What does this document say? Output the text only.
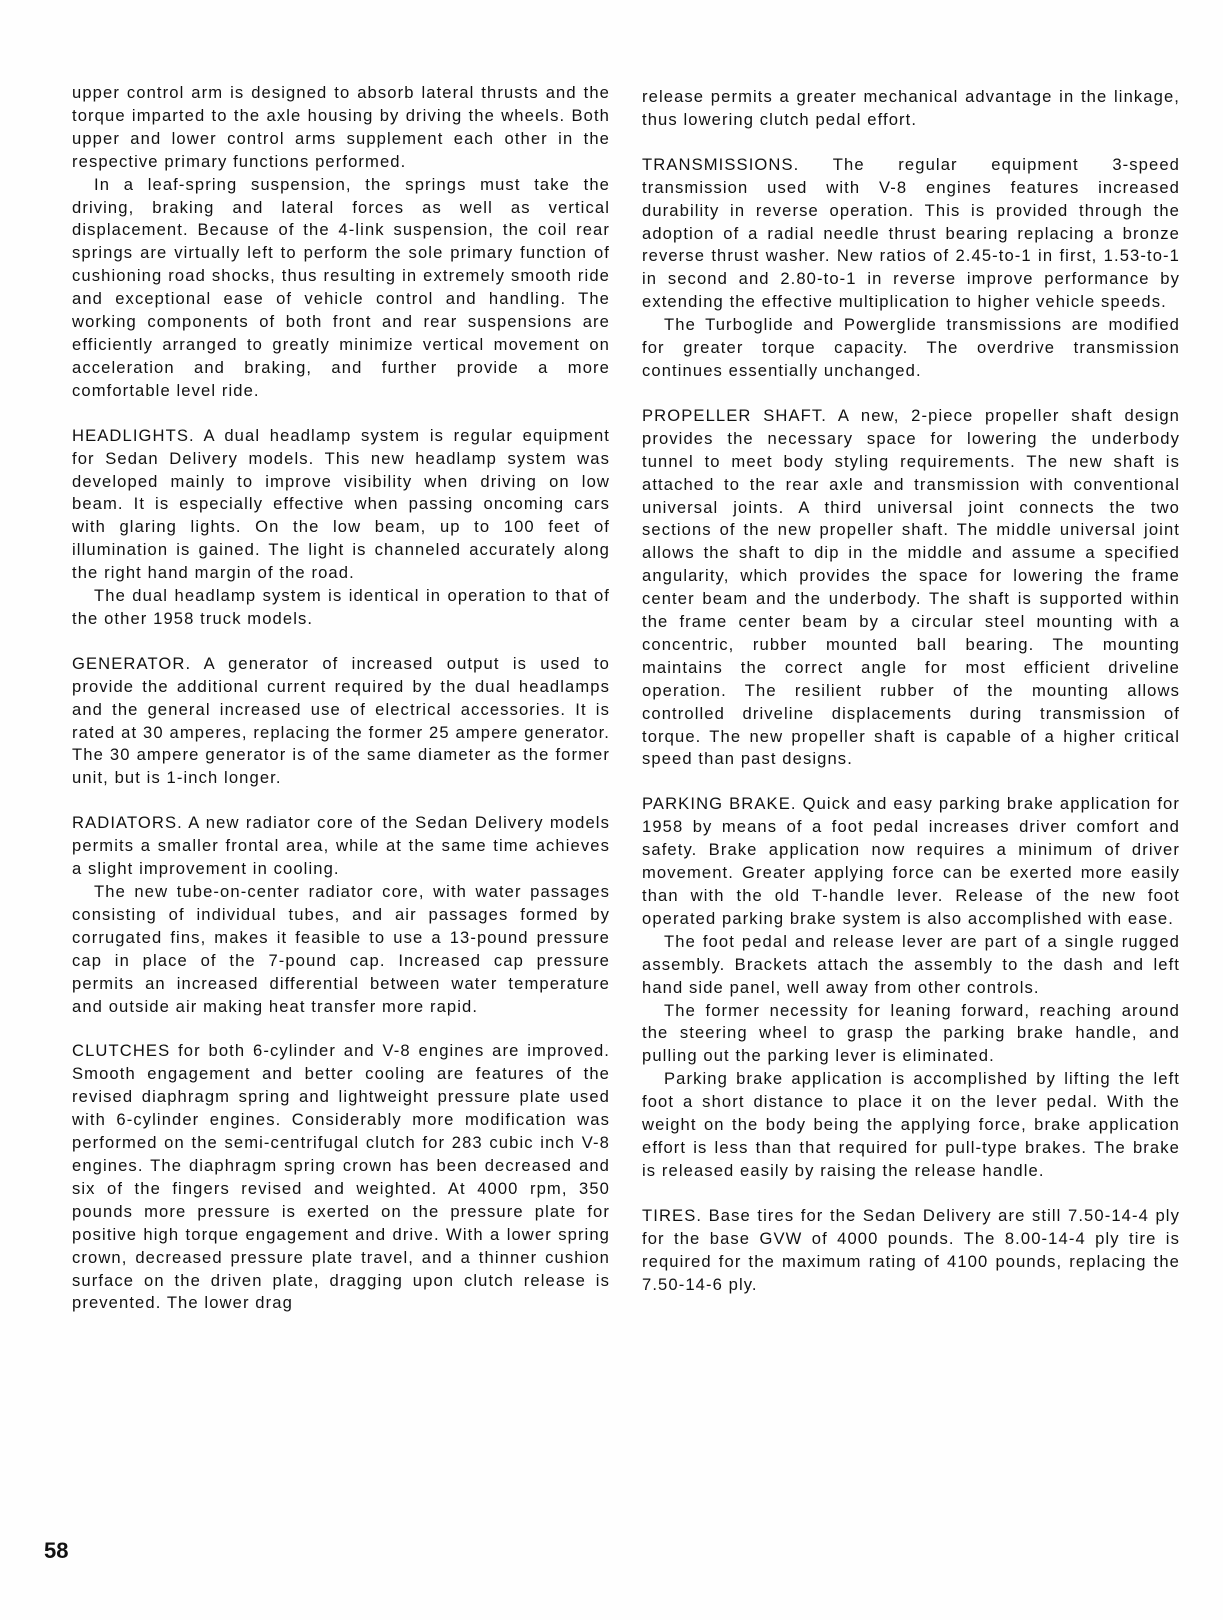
upper control arm is designed to absorb lateral thrusts and the torque imparted to the axle housing by driving the wheels. Both upper and lower control arms supplement each other in the respective primary functions performed.

In a leaf-spring suspension, the springs must take the driving, braking and lateral forces as well as vertical displacement. Because of the 4-link suspension, the coil rear springs are virtually left to perform the sole primary function of cushioning road shocks, thus resulting in extremely smooth ride and exceptional ease of vehicle control and handling. The working components of both front and rear suspensions are efficiently arranged to greatly minimize vertical movement on acceleration and braking, and further provide a more comfortable level ride.

HEADLIGHTS. A dual headlamp system is regular equipment for Sedan Delivery models. This new headlamp system was developed mainly to improve visibility when driving on low beam. It is especially effective when passing oncoming cars with glaring lights. On the low beam, up to 100 feet of illumination is gained. The light is channeled accurately along the right hand margin of the road.

The dual headlamp system is identical in operation to that of the other 1958 truck models.

GENERATOR. A generator of increased output is used to provide the additional current required by the dual headlamps and the general increased use of electrical accessories. It is rated at 30 amperes, replacing the former 25 ampere generator. The 30 ampere generator is of the same diameter as the former unit, but is 1-inch longer.

RADIATORS. A new radiator core of the Sedan Delivery models permits a smaller frontal area, while at the same time achieves a slight improvement in cooling.

The new tube-on-center radiator core, with water passages consisting of individual tubes, and air passages formed by corrugated fins, makes it feasible to use a 13-pound pressure cap in place of the 7-pound cap. Increased cap pressure permits an increased differential between water temperature and outside air making heat transfer more rapid.

CLUTCHES for both 6-cylinder and V-8 engines are improved. Smooth engagement and better cooling are features of the revised diaphragm spring and lightweight pressure plate used with 6-cylinder engines. Considerably more modification was performed on the semi-centrifugal clutch for 283 cubic inch V-8 engines. The diaphragm spring crown has been decreased and six of the fingers revised and weighted. At 4000 rpm, 350 pounds more pressure is exerted on the pressure plate for positive high torque engagement and drive. With a lower spring crown, decreased pressure plate travel, and a thinner cushion surface on the driven plate, dragging upon clutch release is prevented. The lower drag

release permits a greater mechanical advantage in the linkage, thus lowering clutch pedal effort.

TRANSMISSIONS. The regular equipment 3-speed transmission used with V-8 engines features increased durability in reverse operation. This is provided through the adoption of a radial needle thrust bearing replacing a bronze reverse thrust washer. New ratios of 2.45-to-1 in first, 1.53-to-1 in second and 2.80-to-1 in reverse improve performance by extending the effective multiplication to higher vehicle speeds.

The Turboglide and Powerglide transmissions are modified for greater torque capacity. The overdrive transmission continues essentially unchanged.

PROPELLER SHAFT. A new, 2-piece propeller shaft design provides the necessary space for lowering the underbody tunnel to meet body styling requirements. The new shaft is attached to the rear axle and transmission with conventional universal joints. A third universal joint connects the two sections of the new propeller shaft. The middle universal joint allows the shaft to dip in the middle and assume a specified angularity, which provides the space for lowering the frame center beam and the underbody. The shaft is supported within the frame center beam by a circular steel mounting with a concentric, rubber mounted ball bearing. The mounting maintains the correct angle for most efficient driveline operation. The resilient rubber of the mounting allows controlled driveline displacements during transmission of torque. The new propeller shaft is capable of a higher critical speed than past designs.

PARKING BRAKE. Quick and easy parking brake application for 1958 by means of a foot pedal increases driver comfort and safety. Brake application now requires a minimum of driver movement. Greater applying force can be exerted more easily than with the old T-handle lever. Release of the new foot operated parking brake system is also accomplished with ease.

The foot pedal and release lever are part of a single rugged assembly. Brackets attach the assembly to the dash and left hand side panel, well away from other controls.

The former necessity for leaning forward, reaching around the steering wheel to grasp the parking brake handle, and pulling out the parking lever is eliminated.

Parking brake application is accomplished by lifting the left foot a short distance to place it on the lever pedal. With the weight on the body being the applying force, brake application effort is less than that required for pull-type brakes. The brake is released easily by raising the release handle.

TIRES. Base tires for the Sedan Delivery are still 7.50-14-4 ply for the base GVW of 4000 pounds. The 8.00-14-4 ply tire is required for the maximum rating of 4100 pounds, replacing the 7.50-14-6 ply.

58
